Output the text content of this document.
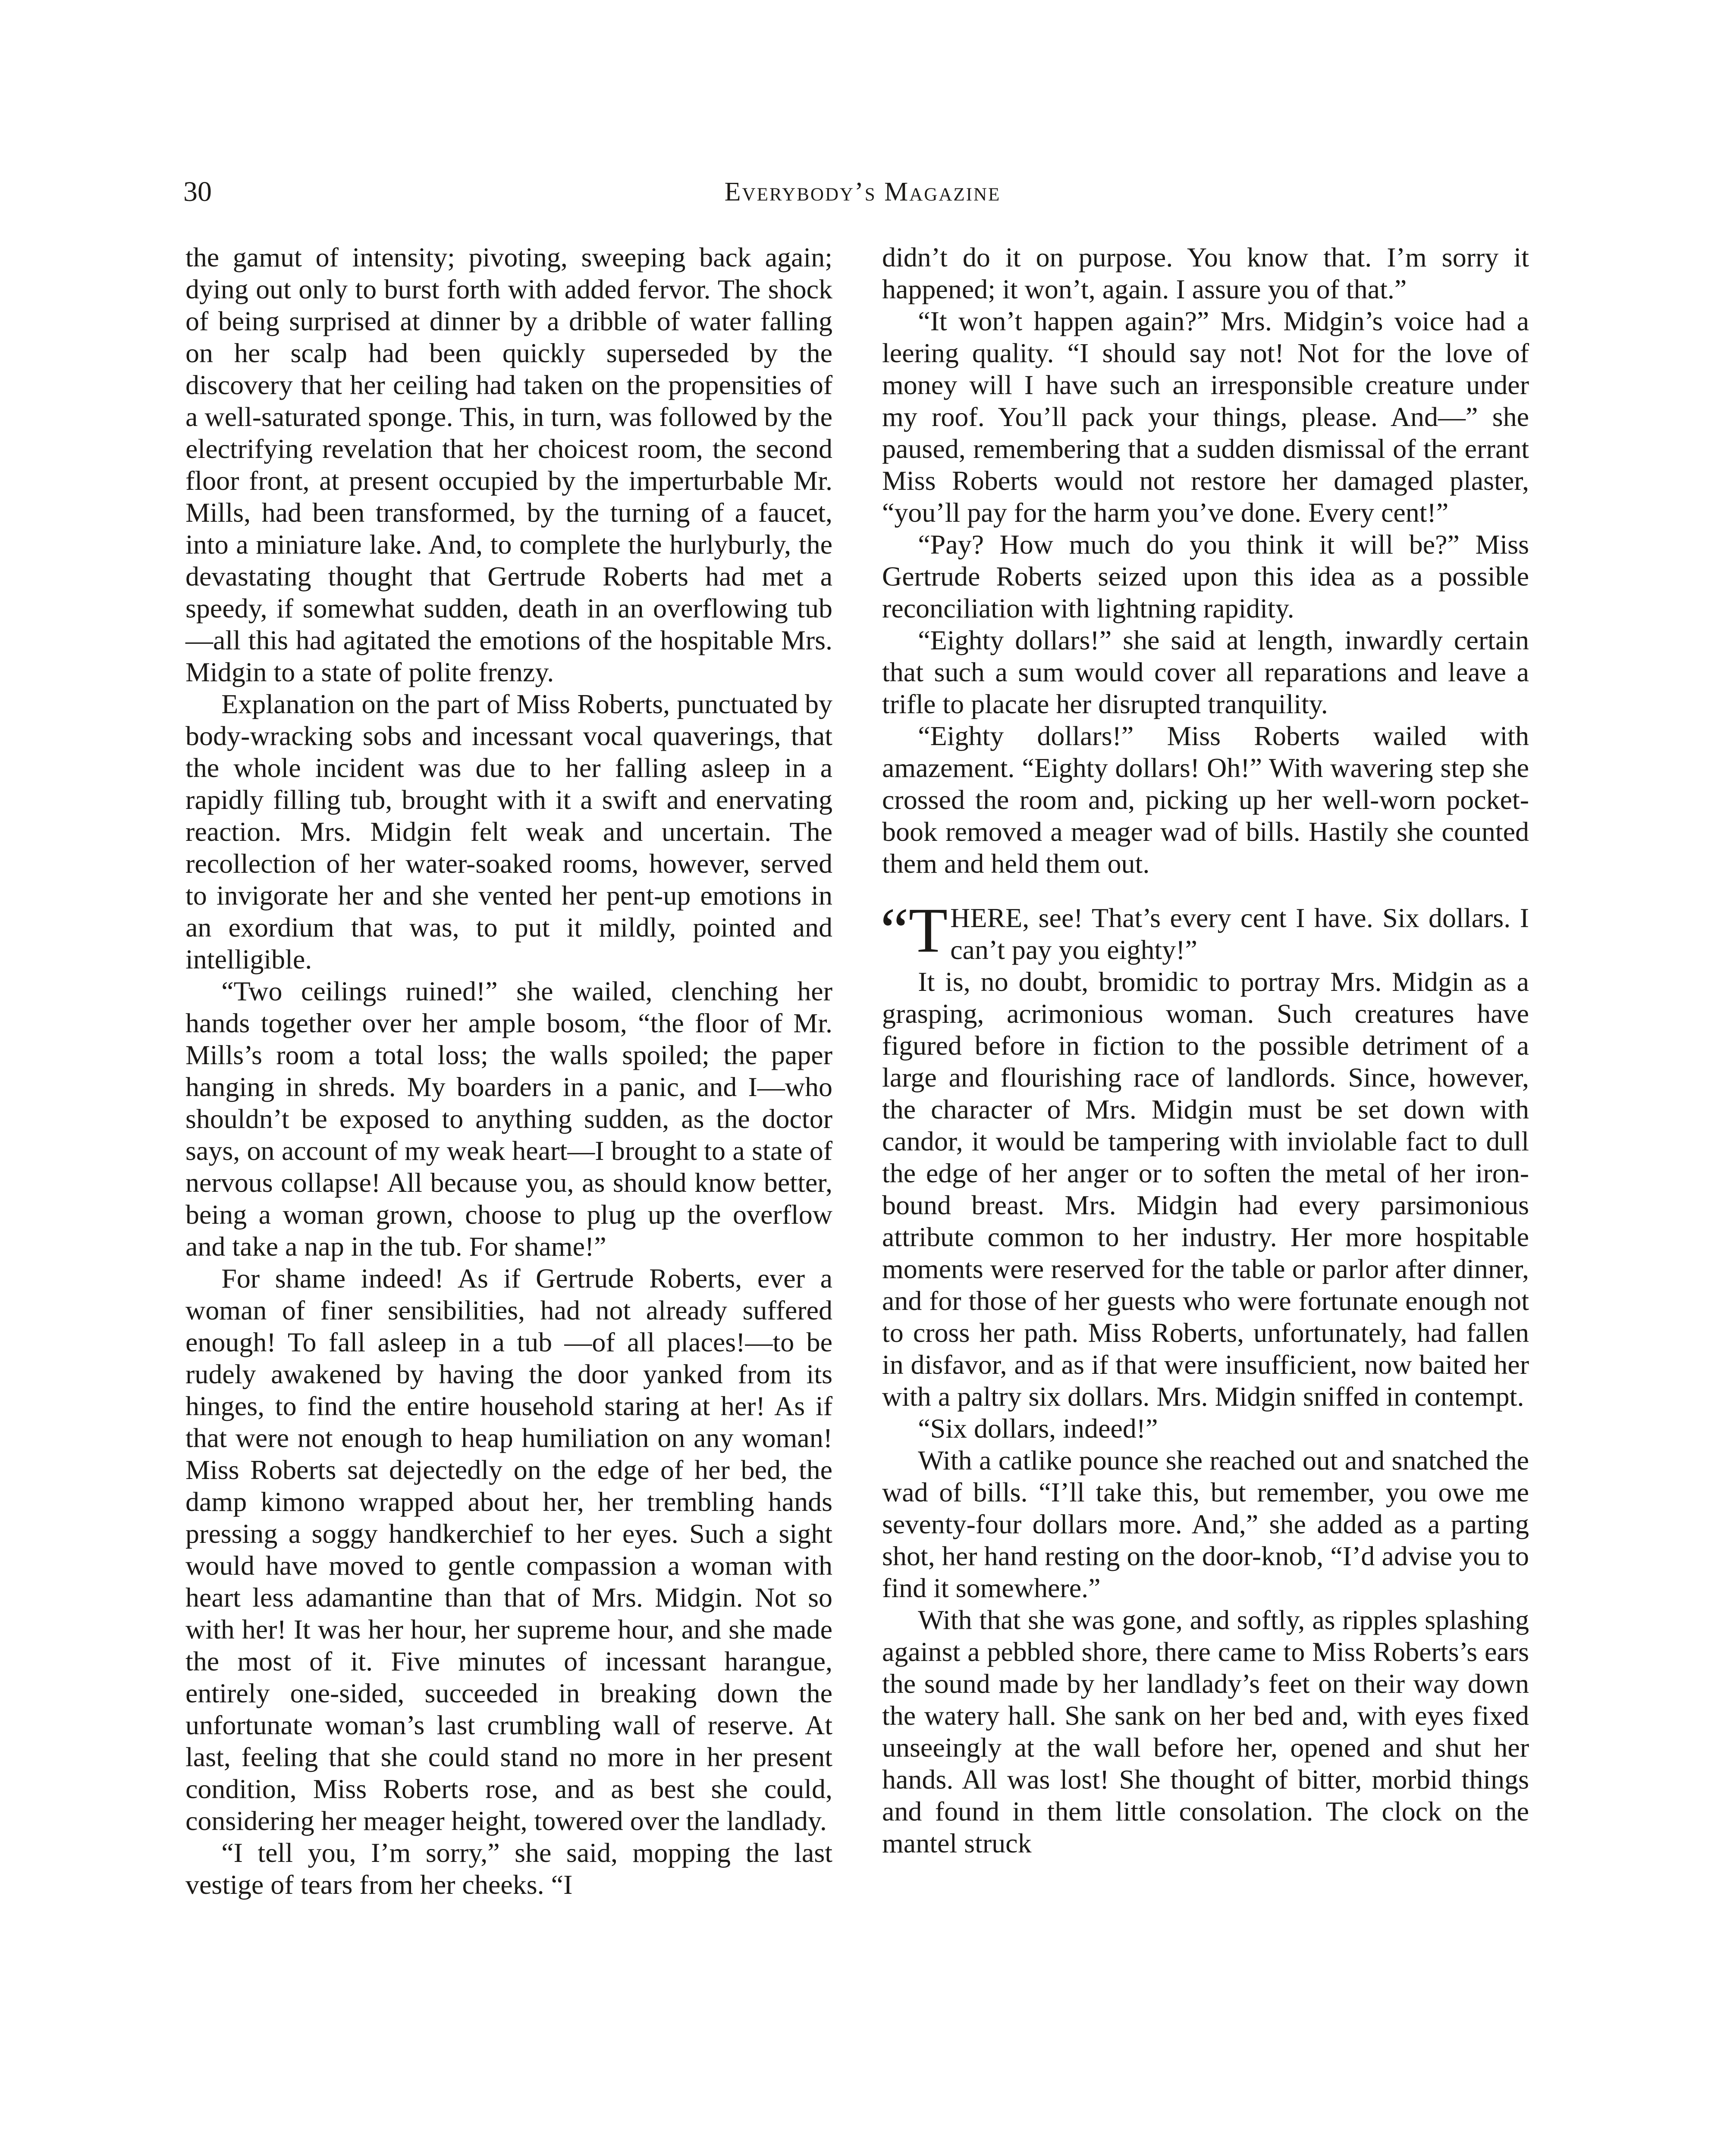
30	Everybody’s Magazine

the gamut of intensity; pivoting, sweeping back again; dying out only to burst forth with added fervor. The shock of being surprised at dinner by a dribble of water falling on her scalp had been quickly superseded by the discovery that her ceiling had taken on the propensities of a well-saturated sponge. This, in turn, was followed by the electrifying revelation that her choicest room, the second floor front, at present occupied by the imperturbable Mr. Mills, had been transformed, by the turning of a faucet, into a miniature lake. And, to complete the hurlyburly, the devastating thought that Gertrude Roberts had met a speedy, if somewhat sudden, death in an overflowing tub—all this had agitated the emotions of the hospitable Mrs. Midgin to a state of polite frenzy.

Explanation on the part of Miss Roberts, punctuated by body-wracking sobs and incessant vocal quaverings, that the whole incident was due to her falling asleep in a rapidly filling tub, brought with it a swift and enervating reaction. Mrs. Midgin felt weak and uncertain. The recollection of her water-soaked rooms, however, served to invigorate her and she vented her pent-up emotions in an exordium that was, to put it mildly, pointed and intelligible.

“Two ceilings ruined!” she wailed, clenching her hands together over her ample bosom, “the floor of Mr. Mills’s room a total loss; the walls spoiled; the paper hanging in shreds. My boarders in a panic, and I—who shouldn’t be exposed to anything sudden, as the doctor says, on account of my weak heart—I brought to a state of nervous collapse! All because you, as should know better, being a woman grown, choose to plug up the overflow and take a nap in the tub. For shame!”

For shame indeed! As if Gertrude Roberts, ever a woman of finer sensibilities, had not already suffered enough! To fall asleep in a tub —of all places!—to be rudely awakened by having the door yanked from its hinges, to find the entire household staring at her! As if that were not enough to heap humiliation on any woman! Miss Roberts sat dejectedly on the edge of her bed, the damp kimono wrapped about her, her trembling hands pressing a soggy handkerchief to her eyes. Such a sight would have moved to gentle compassion a woman with heart less adamantine than that of Mrs. Midgin. Not so with her! It was her hour, her supreme hour, and she made the most of it. Five minutes of incessant harangue, entirely one-sided, succeeded in breaking down the unfortunate woman’s last crumbling wall of reserve. At last, feeling that she could stand no more in her present condition, Miss Roberts rose, and as best she could, considering her meager height, towered over the landlady.

“I tell you, I’m sorry,” she said, mopping the last vestige of tears from her cheeks. “I

didn’t do it on purpose. You know that. I’m sorry it happened; it won’t, again. I assure you of that.”

“It won’t happen again?” Mrs. Midgin’s voice had a leering quality. “I should say not! Not for the love of money will I have such an irresponsible creature under my roof. You’ll pack your things, please. And—” she paused, remembering that a sudden dismissal of the errant Miss Roberts would not restore her damaged plaster, “you’ll pay for the harm you’ve done. Every cent!”

“Pay? How much do you think it will be?” Miss Gertrude Roberts seized upon this idea as a possible reconciliation with lightning rapidity.

“Eighty dollars!” she said at length, inwardly certain that such a sum would cover all reparations and leave a trifle to placate her disrupted tranquility.

“Eighty dollars!” Miss Roberts wailed with amazement. “Eighty dollars! Oh!” With wavering step she crossed the room and, picking up her well-worn pocket-book removed a meager wad of bills. Hastily she counted them and held them out.

“T HERE, see! That’s every cent I have. Six dollars. I can’t pay you eighty!”

It is, no doubt, bromidic to portray Mrs. Midgin as a grasping, acrimonious woman. Such creatures have figured before in fiction to the possible detriment of a large and flourishing race of landlords. Since, however, the character of Mrs. Midgin must be set down with candor, it would be tampering with inviolable fact to dull the edge of her anger or to soften the metal of her iron-bound breast. Mrs. Midgin had every parsimonious attribute common to her industry. Her more hospitable moments were reserved for the table or parlor after dinner, and for those of her guests who were fortunate enough not to cross her path. Miss Roberts, unfortunately, had fallen in disfavor, and as if that were insufficient, now baited her with a paltry six dollars. Mrs. Midgin sniffed in contempt.

“Six dollars, indeed!”

With a catlike pounce she reached out and snatched the wad of bills. “I’ll take this, but remember, you owe me seventy-four dollars more. And,” she added as a parting shot, her hand resting on the door-knob, “I’d advise you to find it somewhere.”

With that she was gone, and softly, as ripples splashing against a pebbled shore, there came to Miss Roberts’s ears the sound made by her landlady’s feet on their way down the watery hall. She sank on her bed and, with eyes fixed unseeingly at the wall before her, opened and shut her hands. All was lost! She thought of bitter, morbid things and found in them little consolation. The clock on the mantel struck
